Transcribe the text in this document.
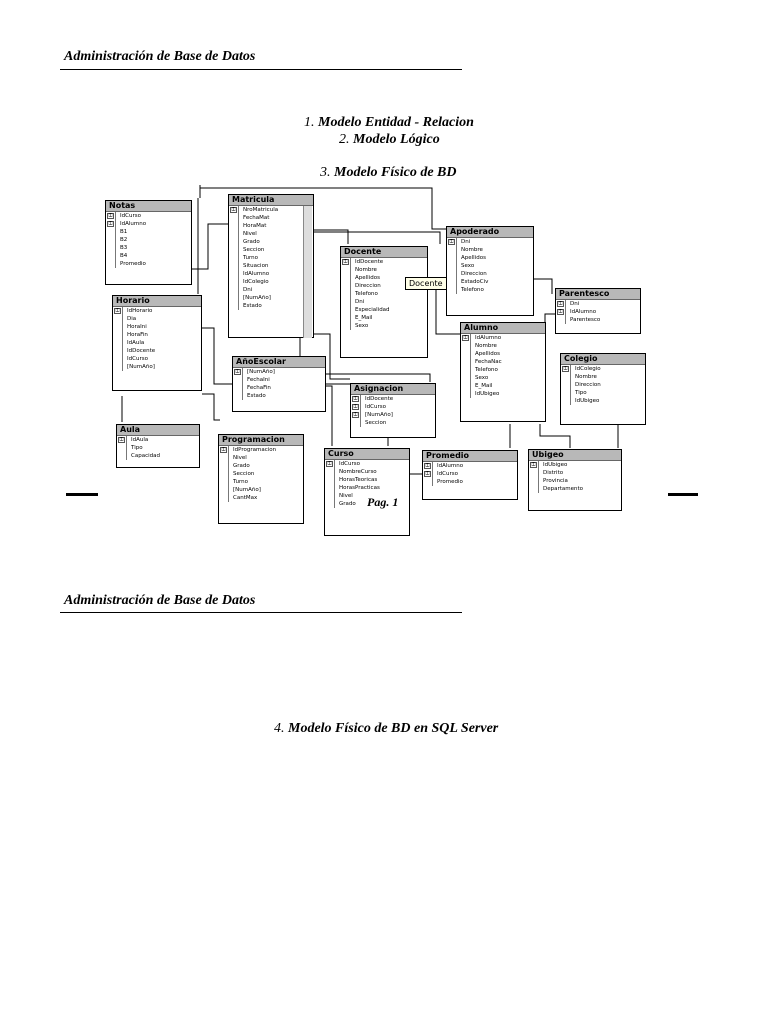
Administración de Base de Datos
1. Modelo Entidad - Relacion
2. Modelo Lógico
3. Modelo Físico de BD
Notas
⚿ IdCurso
⚿ IdAlumno
B1
B2
B3
B4
Promedio
Matricula
⚿ NroMatricula
FechaMat
HoraMat
Nivel
Grado
Seccion
Turno
Situacion
IdAlumno
IdColegio
Dni
[NumAño]
Estado
Docente
⚿ IdDocente
Nombre
Apellidos
Direccion
Telefono
Dni
Especialidad
E_Mail
Sexo
Docente
Apoderado
⚿ Dni
Nombre
Apellidos
Sexo
Direccion
EstadoCiv
Telefono	Parentesco
⚿ Dni
⚿ IdAlumno
Parentesco
Horario
⚿ IdHorario
Dia
HoraIni
HoraFin
IdAula
IdDocente
IdCurso
[NumAño]
Alumno
⚿ IdAlumno
Nombre
Apellidos
FechaNac
Telefono
Sexo
E_Mail
IdUbigeo
AñoEscolar
⚿ [NumAño]
FechaIni
FechaFin
Estado
Asignacion
⚿ IdDocente
⚿ IdCurso
⚿ [NumAño]
Seccion
Colegio
⚿ IdColegio
Nombre
Direccion
Tipo
IdUbigeo
Aula
⚿ IdAula
Tipo
Capacidad
Programacion
⚿ IdProgramacion
Nivel
Grado
Seccion
Turno
[NumAño]
CantMax
Curso
⚿ IdCurso
NombreCurso
HorasTeoricas
HorasPracticas
Nivel
Grado Pag. 1
Promedio
⚿ IdAlumno
⚿ IdCurso
Promedio
Ubigeo
⚿ IdUbigeo
Distrito
Provincia
Departamento
Administración de Base de Datos
4. Modelo Físico de BD en SQL Server
